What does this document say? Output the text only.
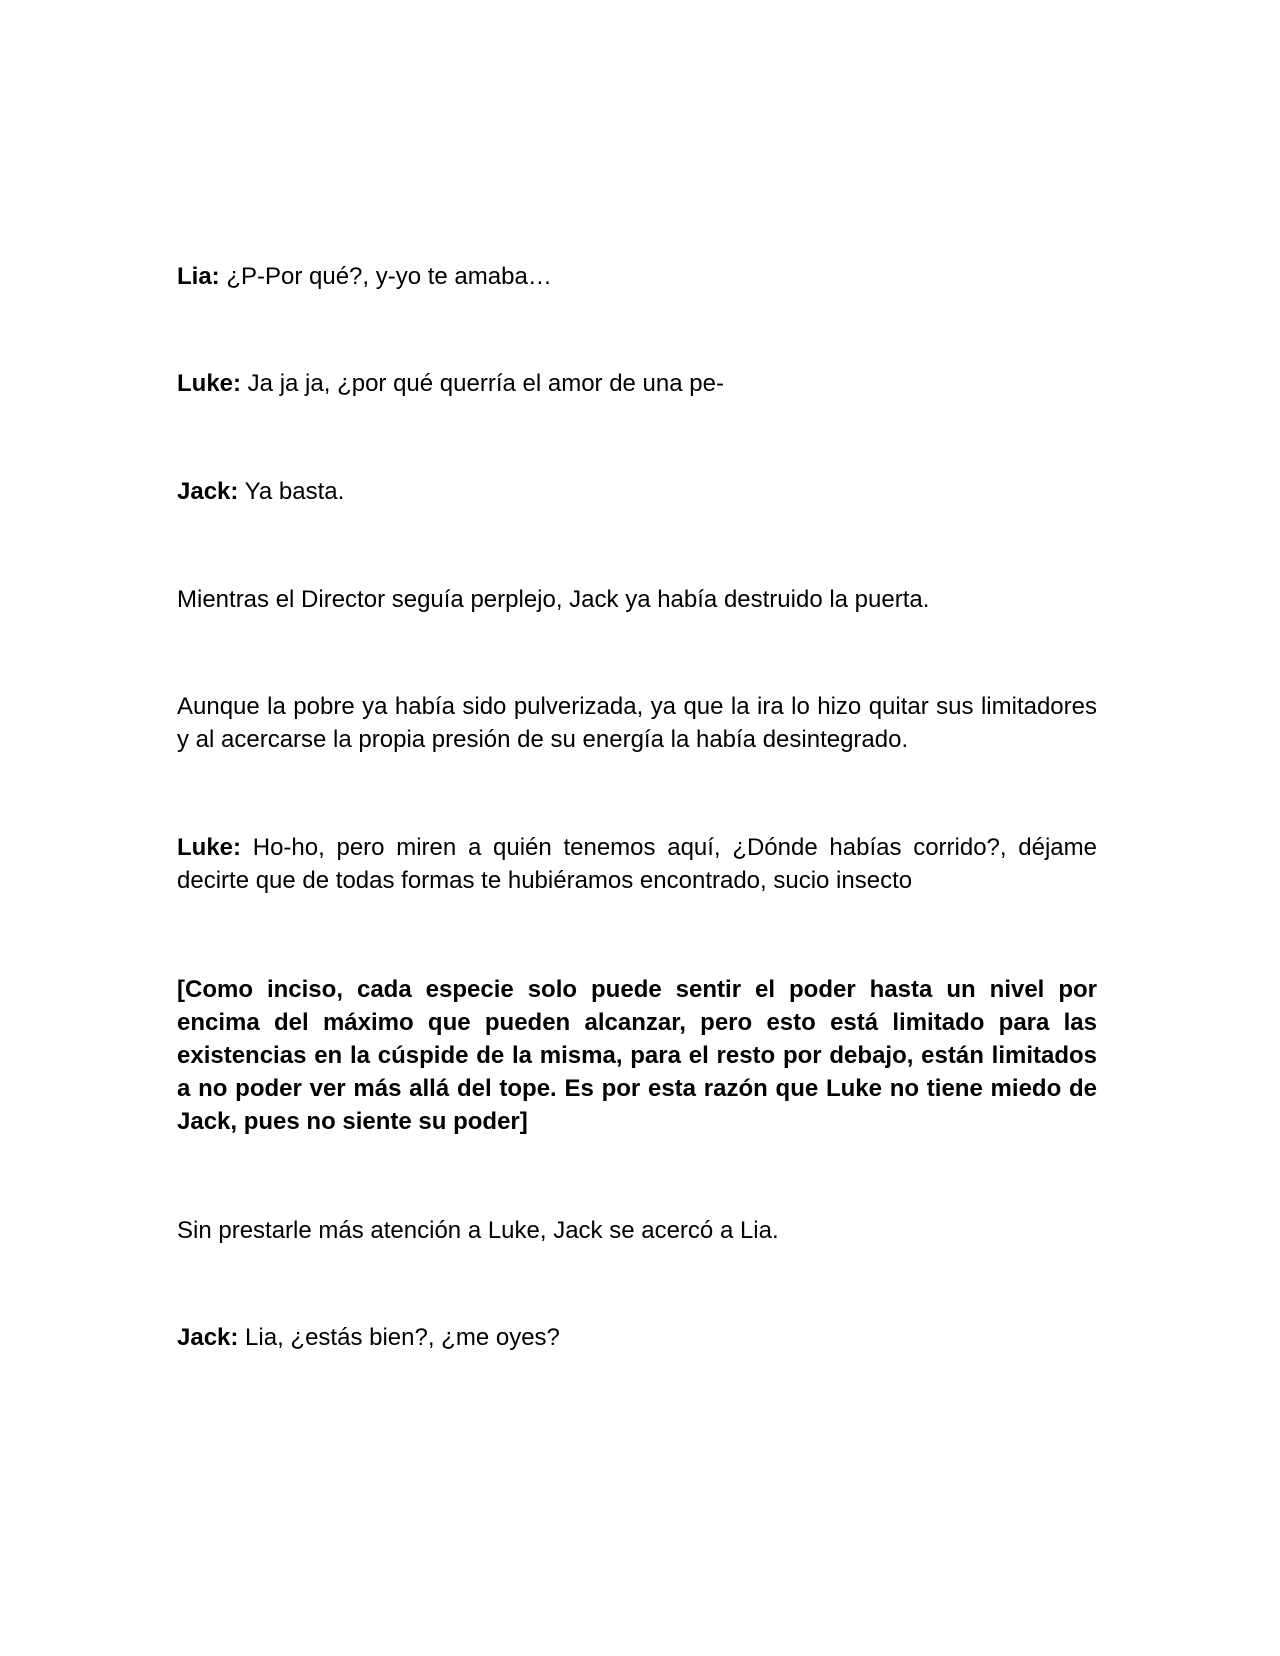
Lia: ¿P-Por qué?, y-yo te amaba…

Luke: Ja ja ja, ¿por qué querría el amor de una pe-

Jack: Ya basta.

Mientras el Director seguía perplejo, Jack ya había destruido la puerta.

Aunque la pobre ya había sido pulverizada, ya que la ira lo hizo quitar sus limitadores y al acercarse la propia presión de su energía la había desintegrado.

Luke: Ho-ho, pero miren a quién tenemos aquí, ¿Dónde habías corrido?, déjame decirte que de todas formas te hubiéramos encontrado, sucio insecto

[Como inciso, cada especie solo puede sentir el poder hasta un nivel por encima del máximo que pueden alcanzar, pero esto está limitado para las existencias en la cúspide de la misma, para el resto por debajo, están limitados a no poder ver más allá del tope. Es por esta razón que Luke no tiene miedo de Jack, pues no siente su poder]

Sin prestarle más atención a Luke, Jack se acercó a Lia.

Jack: Lia, ¿estás bien?, ¿me oyes?
